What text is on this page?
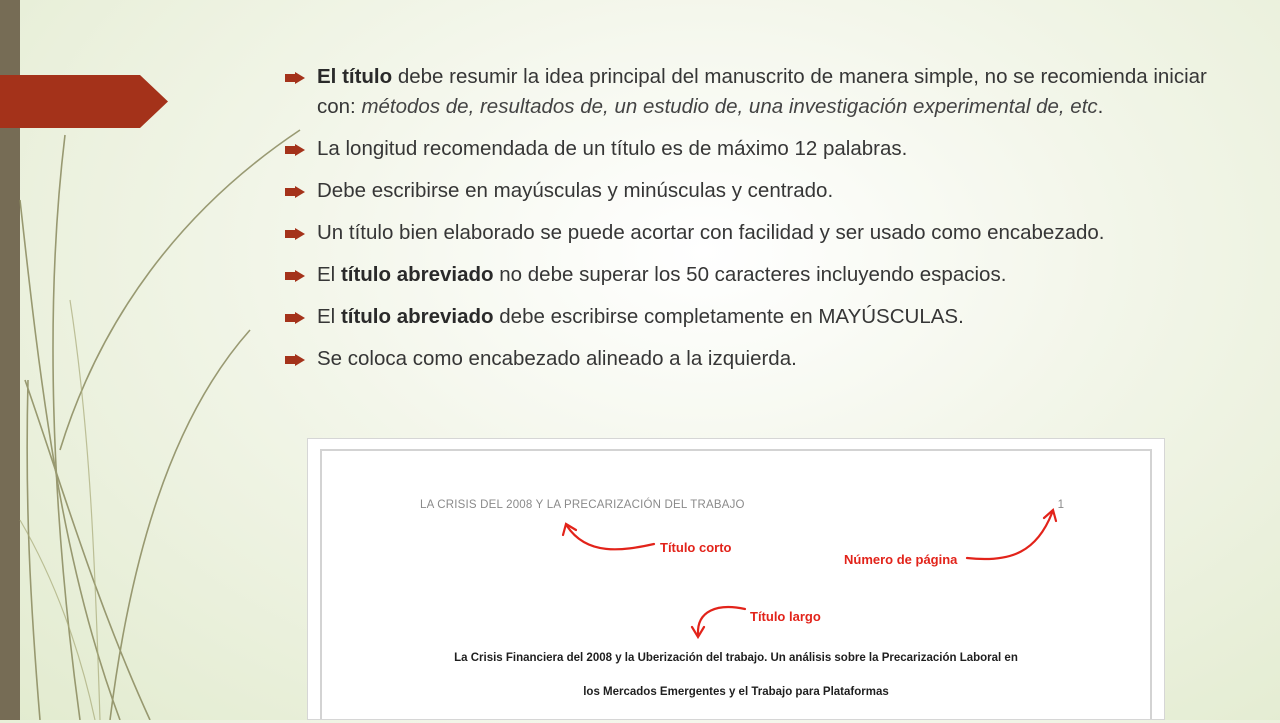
El título debe resumir la idea principal del manuscrito de manera simple, no se recomienda iniciar con: métodos de, resultados de, un estudio de, una investigación experimental de, etc.
La longitud recomendada de un título es de máximo 12 palabras.
Debe escribirse en mayúsculas y minúsculas y centrado.
Un título bien elaborado se puede acortar con facilidad y ser usado como encabezado.
El título abreviado no debe superar los 50 caracteres incluyendo espacios.
El título abreviado debe escribirse completamente en MAYÚSCULAS.
Se coloca como encabezado alineado a la izquierda.
LA CRISIS DEL 2008 Y LA PRECARIZACIÓN DEL TRABAJO	1
Título corto
Número de página
Título largo
La Crisis Financiera del 2008 y la Uberización del trabajo. Un análisis sobre la Precarización Laboral en
los Mercados Emergentes y el Trabajo para Plataformas
